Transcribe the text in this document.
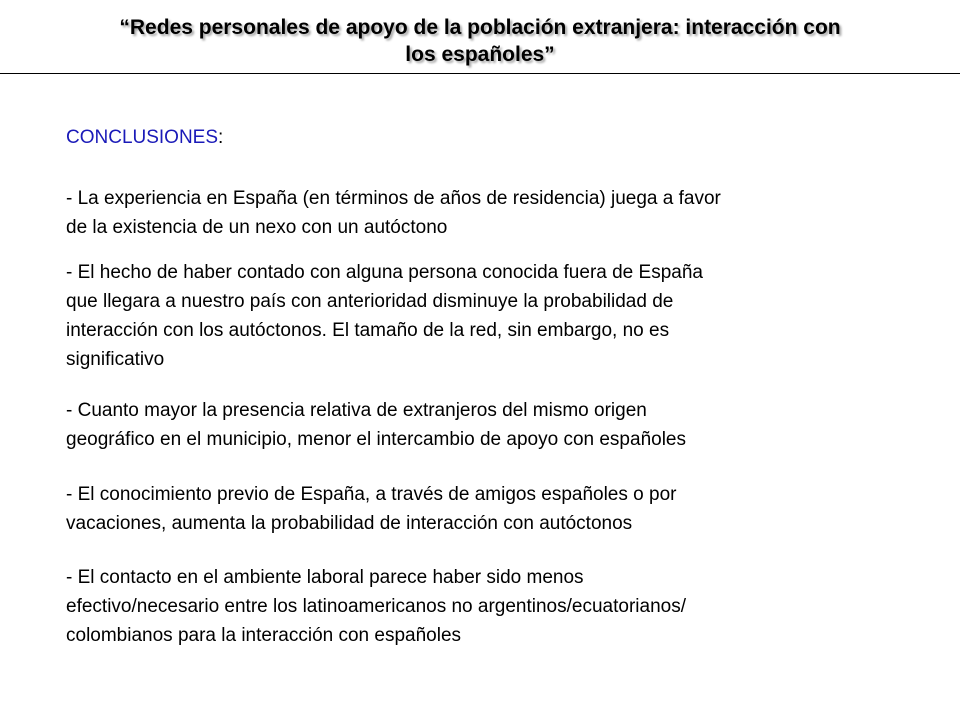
“Redes personales de apoyo de la población extranjera: interacción con
los españoles”
CONCLUSIONES:
- La experiencia en España (en términos de años de residencia) juega a favor
de la existencia de un nexo con un autóctono
- El hecho de haber contado con alguna persona conocida fuera de España
que llegara a nuestro país con anterioridad disminuye la probabilidad de
interacción con los autóctonos. El tamaño de la red, sin embargo, no es
significativo
- Cuanto mayor la presencia relativa de extranjeros del mismo origen
geográfico en el municipio, menor el intercambio de apoyo con españoles
- El conocimiento previo de España, a través de amigos españoles o por
vacaciones, aumenta la probabilidad de interacción con autóctonos
- El contacto en el ambiente laboral parece haber sido menos
efectivo/necesario entre los latinoamericanos no argentinos/ecuatorianos/
colombianos para la interacción con españoles
